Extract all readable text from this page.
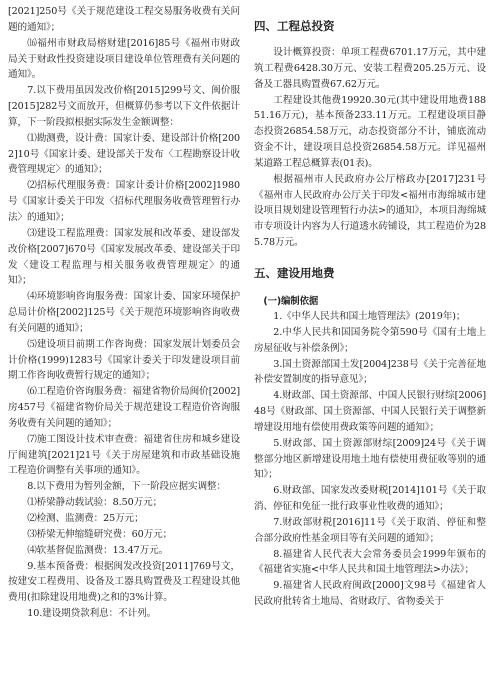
[2021]250号《关于规范建设工程交易服务收费有关问题的通知》；

⒃福州市财政局榕财建[2016]85号《福州市财政局关于财政性投资建设项目建设单位管理费有关问题的通知》。

7.以下费用虽因发改价格[2015]299号文、闽价服[2015]282号文而放开，但概算仍参考以下文件依据计算，下一阶段拟根据实际发生金额调整：

⑴勘测费，设计费：国家计委、建设部计价格[2002]10号《国家计委、建设部关于发布〈工程勘察设计收费管理规定〉的通知》；

⑵招标代理服务费：国家计委计价格[2002]1980号《国家计委关于印发〈招标代理服务收费管理暂行办法〉的通知》；

⑶建设工程监理费：国家发展和改革委、建设部发改价格[2007]670号《国家发展改革委、建设部关于印发〈建设工程监理与相关服务收费管理规定〉的通知》；

⑷环境影响咨询服务费：国家计委、国家环境保护总局计价格[2002]125号《关于规范环境影响咨询收费有关问题的通知》；

⑸建设项目前期工作咨询费：国家发展计划委员会计价格(1999)1283号《国家计委关于印发建设项目前期工作咨询收费暂行规定的通知》；

⑹工程造价咨询服务费：福建省物价局闽价[2002]房457号《福建省物价局关于规范建设工程造价咨询服务收费有关问题的通知》；

⑺施工图设计技术审查费：福建省住房和城乡建设厅闽建筑[2021]21号《关于房屋建筑和市政基础设施工程造价调整有关事项的通知》。

8.以下费用为暂列金额，下一阶段应据实调整：

⑴桥梁静动载试验：8.50万元；

⑵检测、监测费：25万元；

⑶桥梁无伸缩缝研究费：60万元；

⑷软基督促监测费：13.47万元。

9.基本预备费：根据闽发改投资[2011]769号文，按建安工程费用、设备及工器具购置费及工程建设其他费用(扣除建设用地费)之和的3%计算。

10.建设期贷款利息：不计列。

四、工程总投资

设计概算投资：单项工程费6701.17万元，其中建筑工程费6428.30万元、安装工程费205.25万元、设备及工器具购置费67.62万元。

工程建设其他费19920.30元(其中建设用地费18851.16万元)，基本预备233.11万元。工程建设项目静态投资26854.58万元，动态投资部分不计，铺底流动资金不计，建设项目总投资26854.58万元。详见福州某道路工程总概算表(01表)。

根据福州市人民政府办公厅榕政办[2017]231号《福州市人民政府办公厅关于印发<福州市海绵城市建设项目规划建设管理暂行办法>的通知》，本项目海绵城市专项设计内容为人行道透水砖铺设，其工程造价为285.78万元。

五、建设用地费

(一)编制依据

1.《中华人民共和国土地管理法》(2019年)；

2.中华人民共和国国务院令第590号《国有土地上房屋征收与补偿条例》；

3.国土资源部国土发[2004]238号《关于完善征地补偿安置制度的指导意见》；

4.财政部、国土资源部、中国人民银行财综[2006]48号《财政部、国土资源部、中国人民银行关于调整新增建设用地有偿使用费政策等问题的通知》；

5.财政部、国土资源部财综[2009]24号《关于调整部分地区新增建设用地土地有偿使用费征收等别的通知》；

6.财政部、国家发改委财税[2014]101号《关于取消、停征和免征一批行政事业性收费的通知》；

7.财政部财税[2016]11号《关于取消、停征和整合部分政府性基金项目等有关问题的通知》；

8.福建省人民代表大会常务委员会1999年颁布的《福建省实施<中华人民共和国土地管理法>办法》；

9.福建省人民政府闽政[2000]文98号《福建省人民政府批转省土地局、省财政厅、省物委关于
